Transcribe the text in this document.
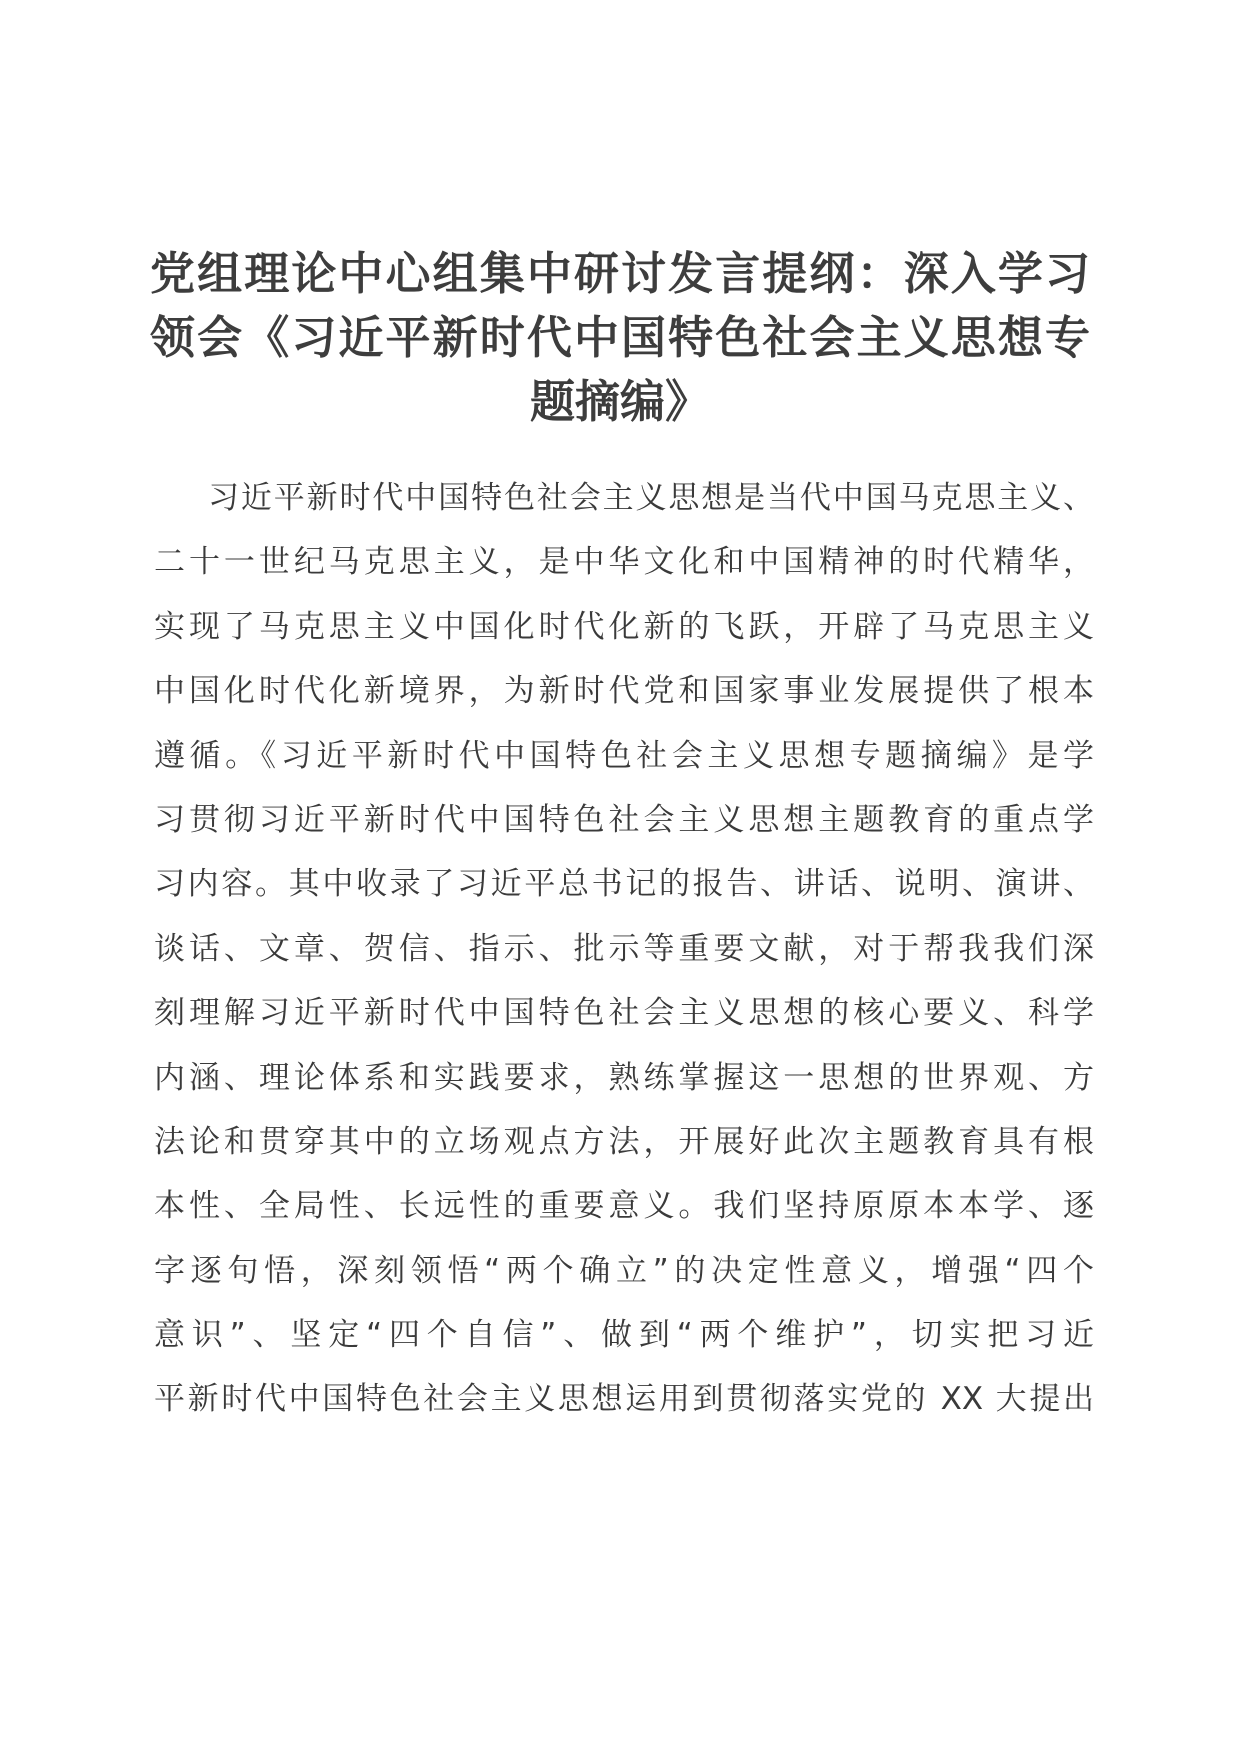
党组理论中心组集中研讨发言提纲：深入学习
领会《习近平新时代中国特色社会主义思想专
题摘编》
习近平新时代中国特色社会主义思想是当代中国马克思主义、
二十一世纪马克思主义，是中华文化和中国精神的时代精华，
实现了马克思主义中国化时代化新的飞跃，开辟了马克思主义
中国化时代化新境界，为新时代党和国家事业发展提供了根本
遵循。《习近平新时代中国特色社会主义思想专题摘编》是学
习贯彻习近平新时代中国特色社会主义思想主题教育的重点学
习内容。其中收录了习近平总书记的报告、讲话、说明、演讲、
谈话、文章、贺信、指示、批示等重要文献，对于帮我我们深
刻理解习近平新时代中国特色社会主义思想的核心要义、科学
内涵、理论体系和实践要求，熟练掌握这一思想的世界观、方
法论和贯穿其中的立场观点方法，开展好此次主题教育具有根
本性、全局性、长远性的重要意义。我们坚持原原本本学、逐
字逐句悟，深刻领悟“两个确立”的决定性意义，增强“四个
意识”、坚定“四个自信”、做到“两个维护”，切实把习近
平新时代中国特色社会主义思想运用到贯彻落实党的 XX 大提出
